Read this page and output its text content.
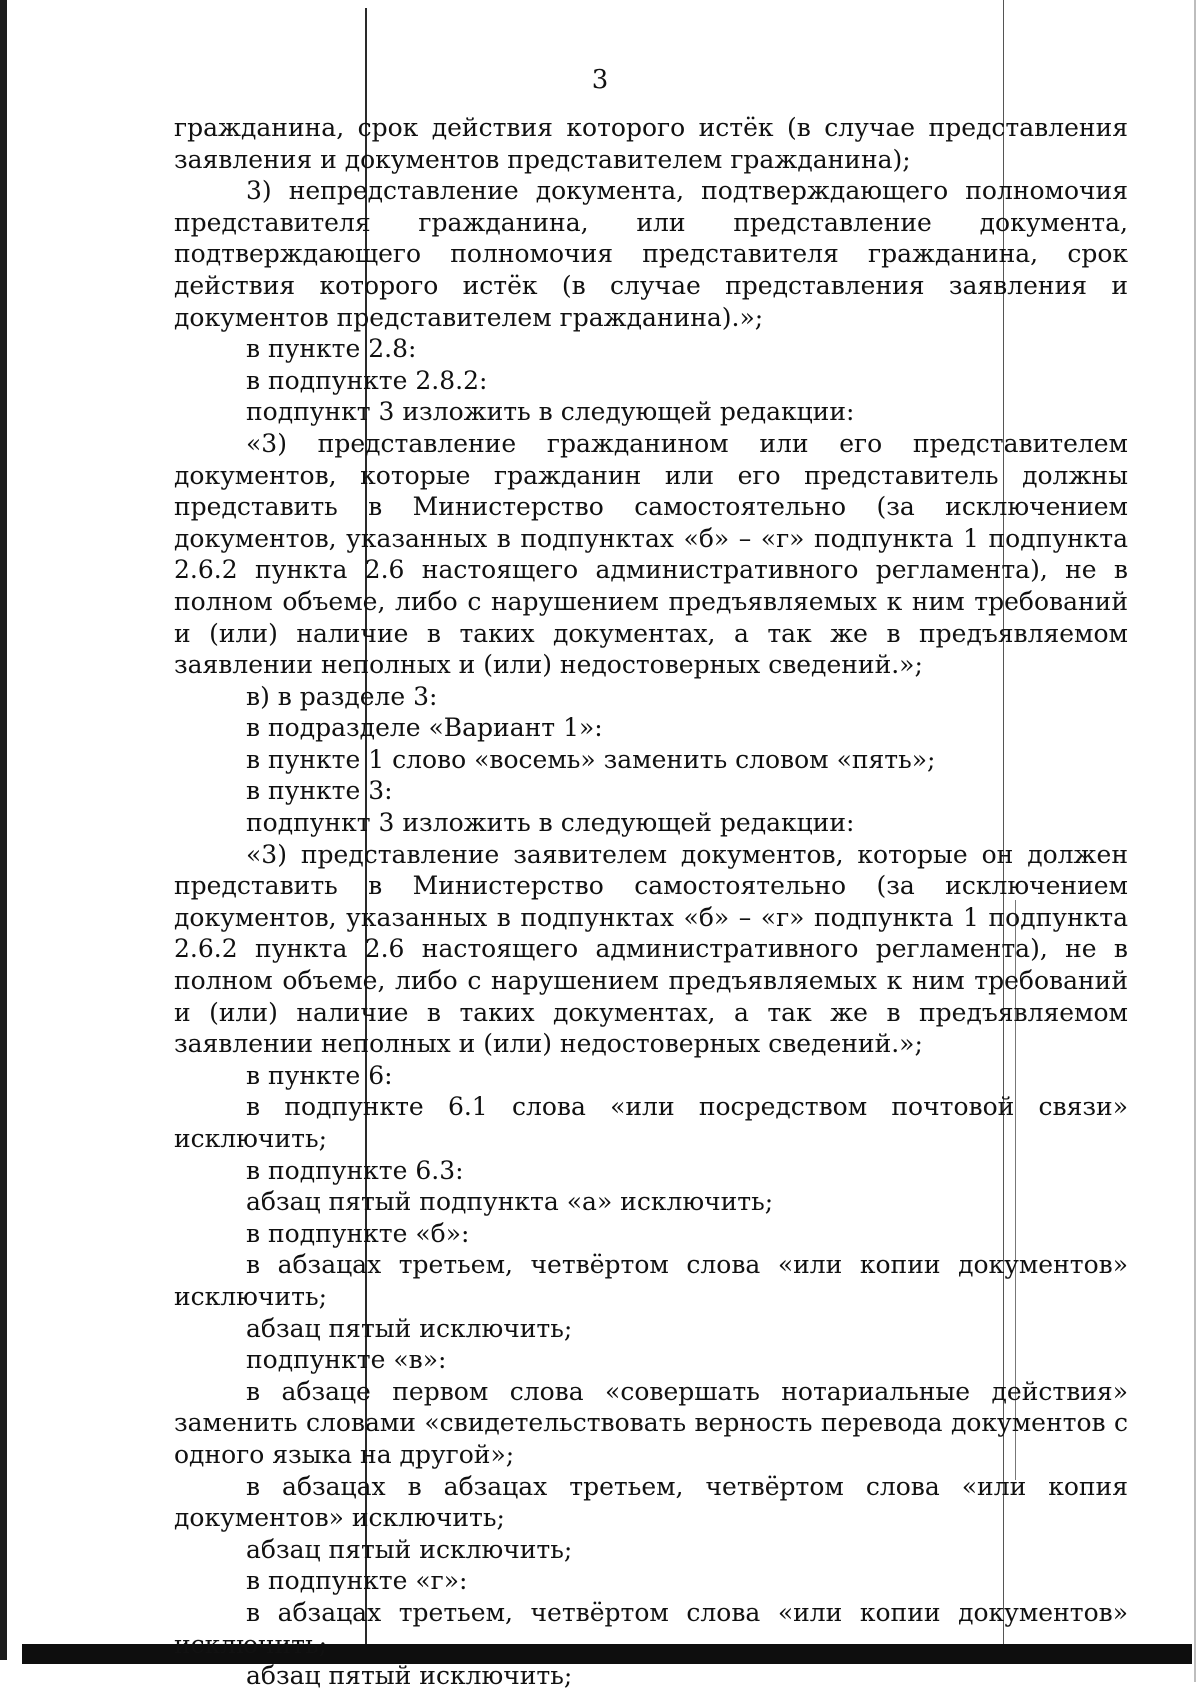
3

гражданина, срок действия которого истёк (в случае представления заявления и документов представителем гражданина);

3) непредставление документа, подтверждающего полномочия представителя гражданина, или представление документа, подтверждающего полномочия представителя гражданина, срок действия которого истёк (в случае представления заявления и документов представителем гражданина).»;

в пункте 2.8:

в подпункте 2.8.2:

подпункт 3 изложить в следующей редакции:

«3) представление гражданином или его представителем документов, которые гражданин или его представитель должны представить в Министерство самостоятельно (за исключением документов, указанных в подпунктах «б» – «г» подпункта 1 подпункта 2.6.2 пункта 2.6 настоящего административного регламента), не в полном объеме, либо с нарушением предъявляемых к ним требований и (или) наличие в таких документах, а так же в предъявляемом заявлении неполных и (или) недостоверных сведений.»;

в) в разделе 3:

в подразделе «Вариант 1»:

в пункте 1 слово «восемь» заменить словом «пять»;

в пункте 3:

подпункт 3 изложить в следующей редакции:

«3) представление заявителем документов, которые он должен представить в Министерство самостоятельно (за исключением документов, указанных в подпунктах «б» – «г» подпункта 1 подпункта 2.6.2 пункта 2.6 настоящего административного регламента), не в полном объеме, либо с нарушением предъявляемых к ним требований и (или) наличие в таких документах, а так же в предъявляемом заявлении неполных и (или) недостоверных сведений.»;

в пункте 6:

в подпункте 6.1 слова «или посредством почтовой связи» исключить;

в подпункте 6.3:

абзац пятый подпункта «а» исключить;

в подпункте «б»:

в абзацах третьем, четвёртом слова «или копии документов» исключить;

абзац пятый исключить;

подпункте «в»:

в абзаце первом слова «совершать нотариальные действия» заменить словами «свидетельствовать верность перевода документов с одного языка на другой»;

в абзацах в абзацах третьем, четвёртом слова «или копия документов» исключить;

абзац пятый исключить;

в подпункте «г»:

в абзацах третьем, четвёртом слова «или копии документов» исключить;

абзац пятый исключить;
